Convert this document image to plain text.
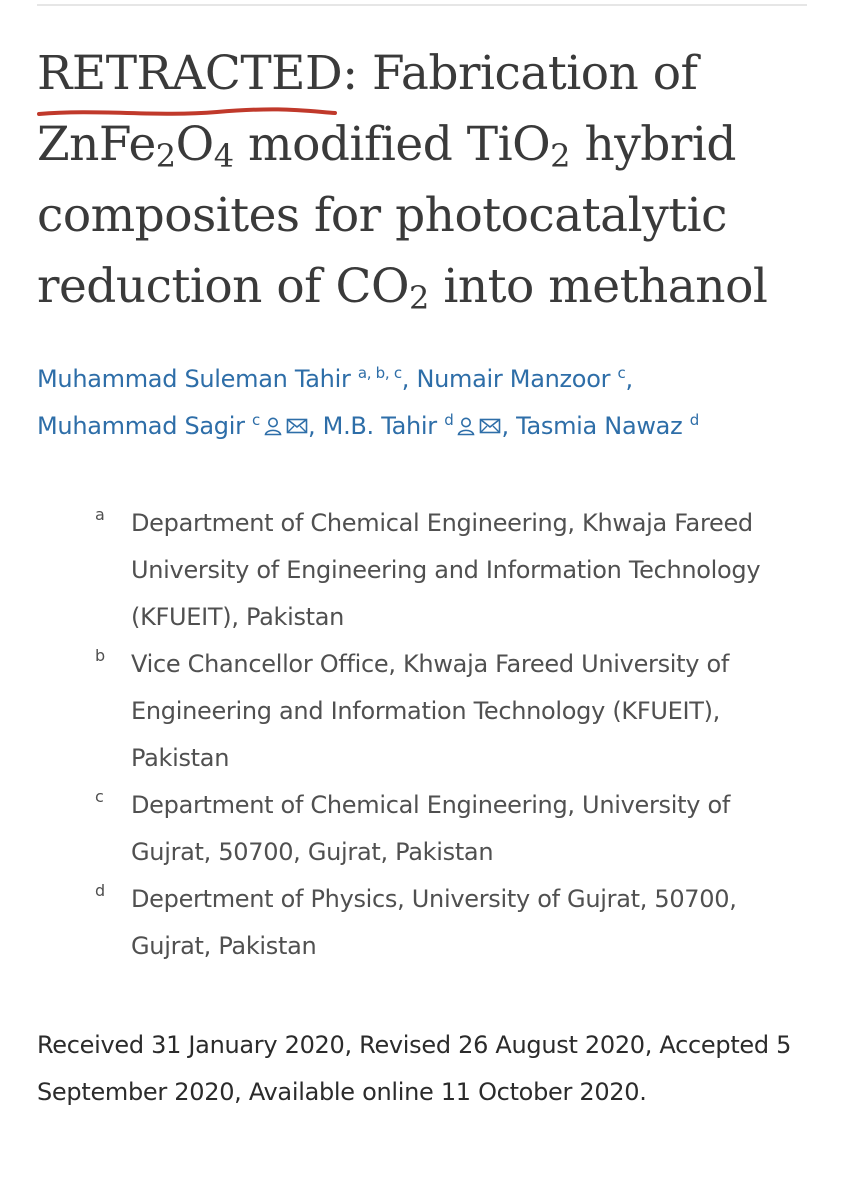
RETRACTED
: Fabrication of $ZnFe_2O_4$ modified TiO$_2$ hybrid composites for photocatalytic reduction of $CO_2$ into methanol
Muhammad Suleman Tahir $^{a, b, c}$, Numair Manzoor $^c$,
Muhammad Sagir $^c$ , M.B. Tahir $^d$ , Tasmia Nawaz $^d$
a	Department of Chemical Engineering, Khwaja Fareed University of Engineering and Information Technology (KFUEIT), Pakistan
b	Vice Chancellor Office, Khwaja Fareed University of Engineering and Information Technology (KFUEIT), Pakistan
c	Department of Chemical Engineering, University of Gujrat, 50700, Gujrat, Pakistan
d	Depertment of Physics, University of Gujrat, 50700, Gujrat, Pakistan
Received 31 January 2020, Revised 26 August 2020, Accepted 5 September 2020, Available online 11 October 2020.
